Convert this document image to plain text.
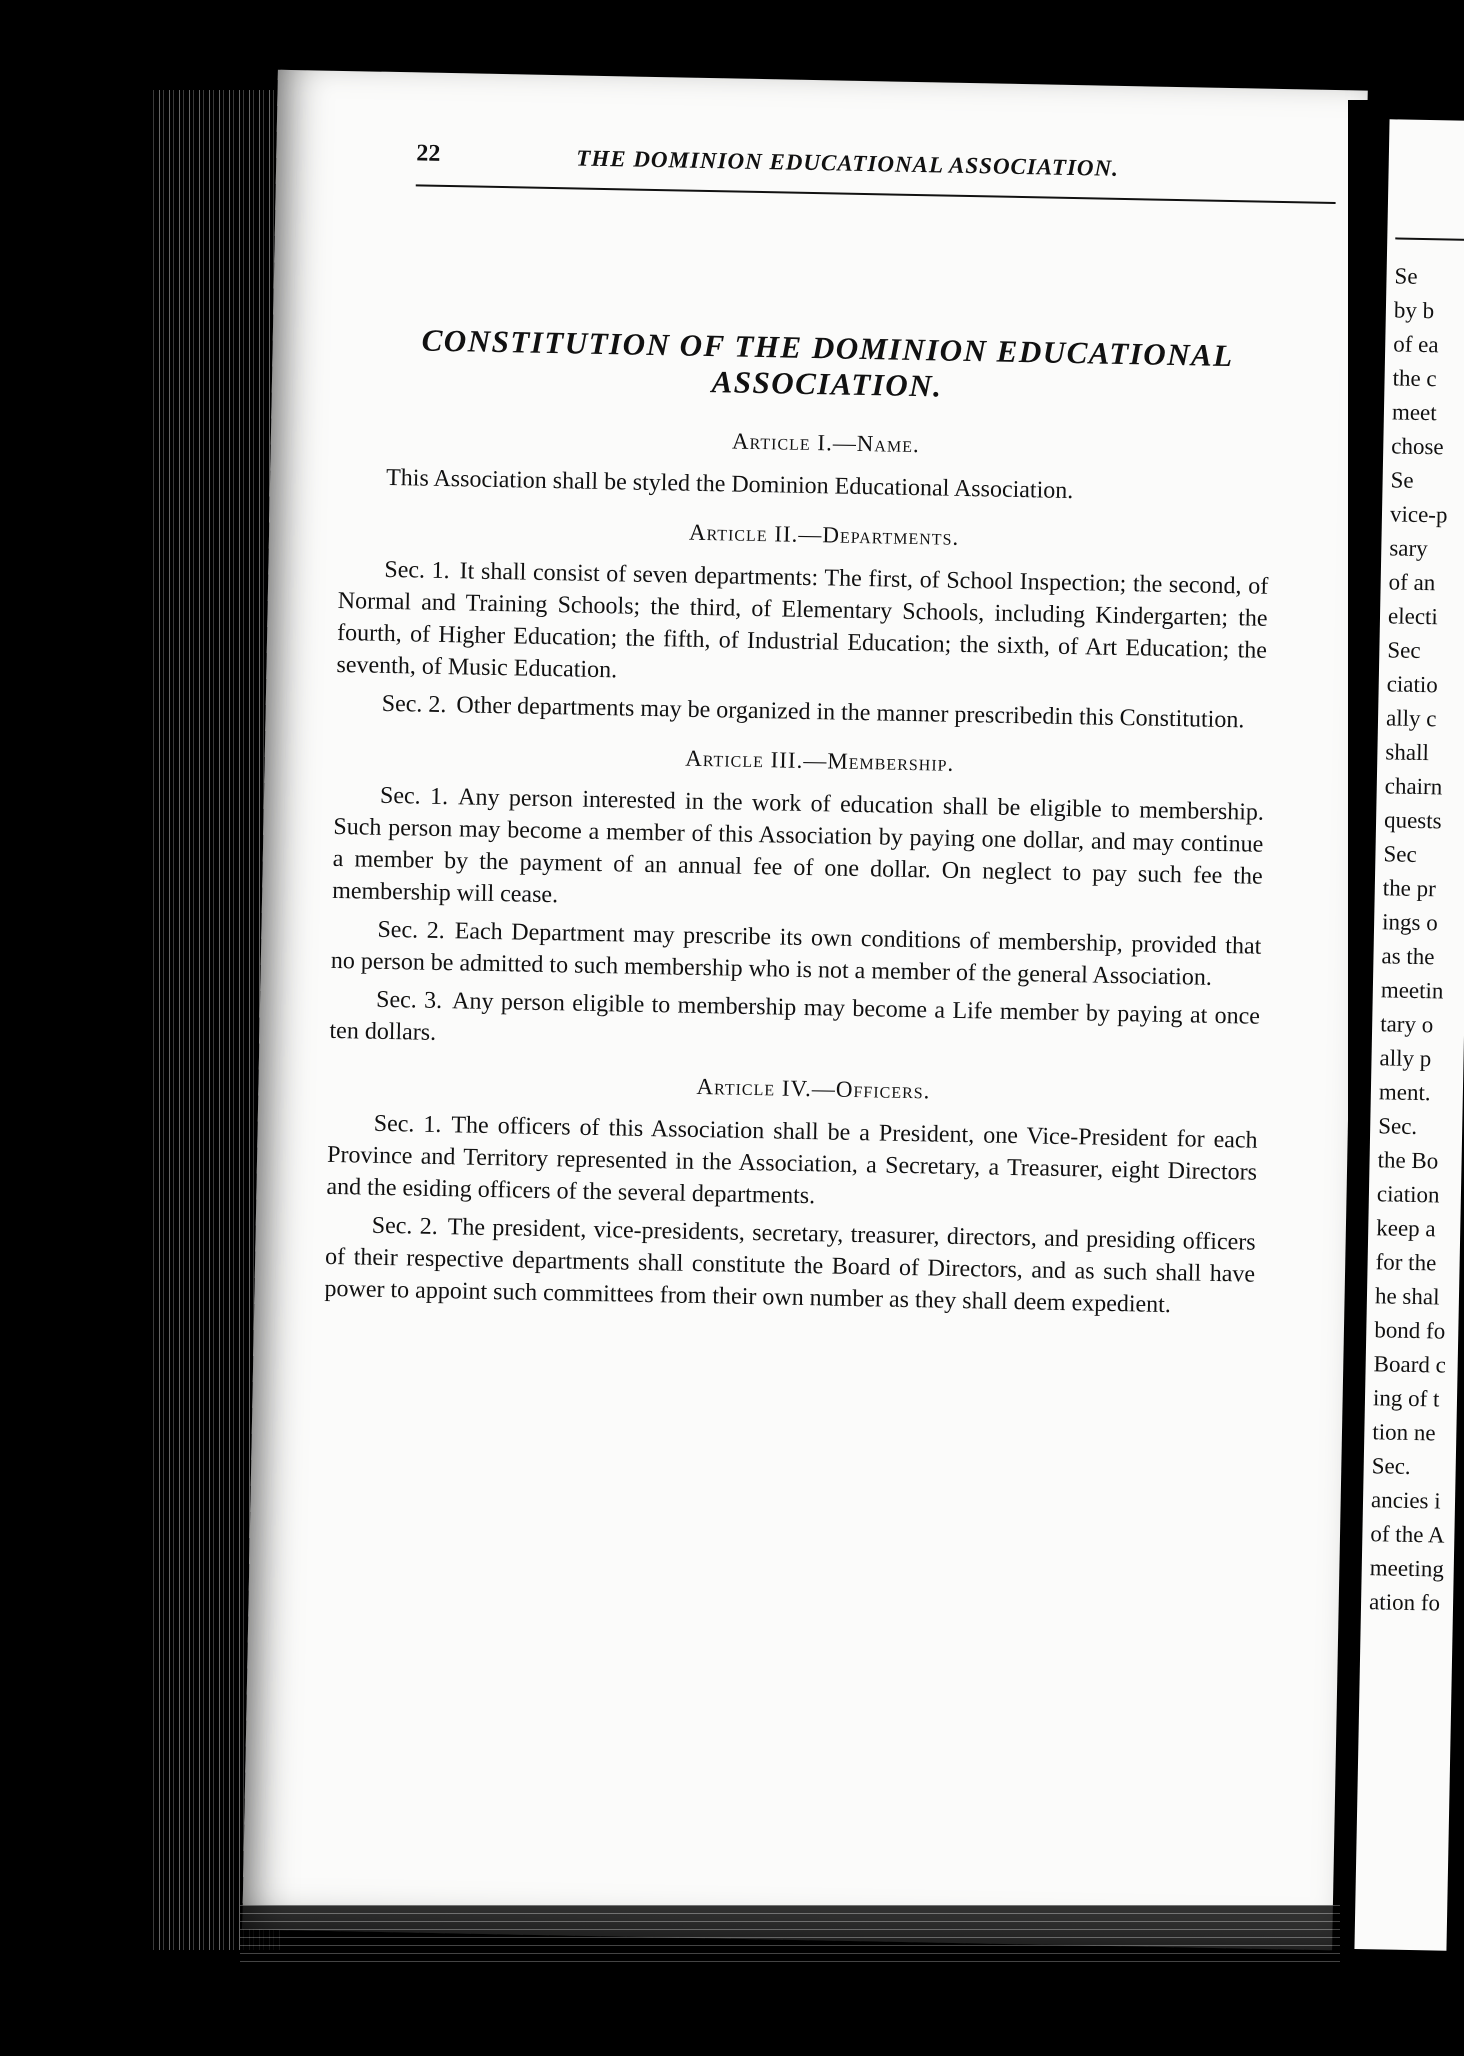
22	THE DOMINION EDUCATIONAL ASSOCIATION.
CONSTITUTION OF THE DOMINION EDUCATIONAL ASSOCIATION.
Article I.—Name.

This Association shall be styled the Dominion Educational Association.

Article II.—Departments.

Sec. 1. It shall consist of seven departments: The first, of School Inspection; the second, of Normal and Training Schools; the third, of Elementary Schools, including Kindergarten; the fourth, of Higher Education; the fifth, of Industrial Education; the sixth, of Art Education; the seventh, of Music Education.

Sec. 2. Other departments may be organized in the manner prescribedin this Constitution.

Article III.—Membership.

Sec. 1. Any person interested in the work of education shall be eligible to membership. Such person may become a member of this Association by paying one dollar, and may continue a member by the payment of an annual fee of one dollar. On neglect to pay such fee the membership will cease.

Sec. 2. Each Department may prescribe its own conditions of membership, provided that no person be admitted to such membership who is not a member of the general Association.

Sec. 3. Any person eligible to membership may become a Life member by paying at once ten dollars.

Article IV.—Officers.

Sec. 1. The officers of this Association shall be a President, one Vice-President for each Province and Territory represented in the Association, a Secretary, a Treasurer, eight Directors and the esiding officers of the several departments.

Sec. 2. The president, vice-presidents, secretary, treasurer, directors, and presiding officers of their respective departments shall constitute the Board of Directors, and as such shall have power to appoint such committees from their own number as they shall deem expedient.

Se
by b
of ea
the c
meet
chose
Se
vice-p
sary
of an
electi
Sec
ciatio
ally c
shall
chairn
quests
Sec
the pr
ings o
as the
meetin
tary o
ally p
ment.
Sec.
the Bo
ciation
keep a
for the
he shal
bond fo
Board c
ing of t
tion ne
Sec.
ancies i
of the A
meeting
ation fo
